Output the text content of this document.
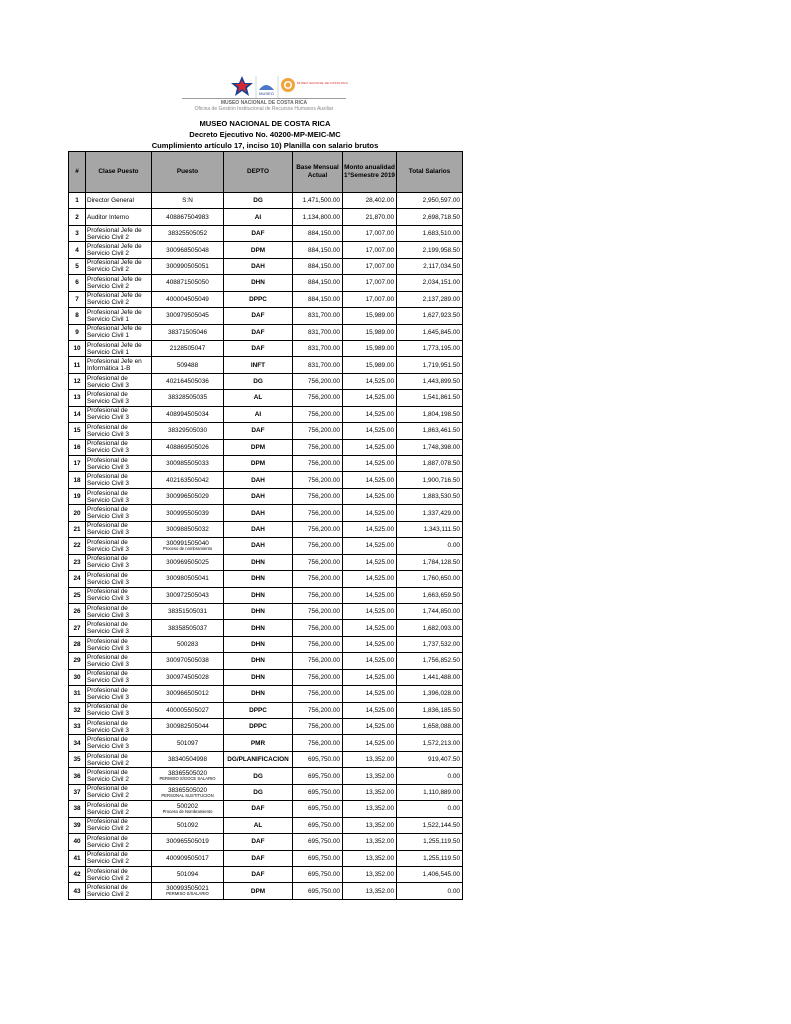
MUSEO
MUSEO NACIONAL DE COSTA RICA
MUSEO NACIONAL DE COSTA RICA
Oficina de Gestión Institucional de Recursos Humanos Auxiliar
MUSEO NACIONAL DE COSTA RICA
Decreto Ejecutivo No. 40200-MP-MEIC-MC
Cumplimiento artículo 17, inciso 10) Planilla con salario brutos
#	Clase Puesto	Puesto	DEPTO	Base Mensual Actual	Monto anualidad 1°Semestre 2019	Total Salarios
1	Director General	S:N	DG	1,471,500.00	28,402.00	2,950,597.00
2	Auditor Interno	408867504983	AI	1,134,800.00	21,870.00	2,698,718.50
3	Profesional Jefe de Servicio Civil 2	38325505052	DAF	884,150.00	17,007.00	1,683,510.00
4	Profesional Jefe de Servicio Civil 2	300968505048	DPM	884,150.00	17,007.00	2,199,958.50
5	Profesional Jefe de Servicio Civil 2	300990505051	DAH	884,150.00	17,007.00	2,117,034.50
6	Profesional Jefe de Servicio Civil 2	408871505050	DHN	884,150.00	17,007.00	2,034,151.00
7	Profesional Jefe de Servicio Civil 2	400004505049	DPPC	884,150.00	17,007.00	2,137,289.00
8	Profesional Jefe de Servicio Civil 1	300979505045	DAF	831,700.00	15,989.00	1,627,923.50
9	Profesional Jefe de Servicio Civil 1	38371505046	DAF	831,700.00	15,989.00	1,645,845.00
10	Profesional Jefe de Servicio Civil 1	2128505047	DAF	831,700.00	15,989.00	1,773,195.00
11	Profesional Jefe en Informática 1-B	509488	INFT	831,700.00	15,989.00	1,719,951.50
12	Profesional de Servicio Civil 3	402164505036	DG	756,200.00	14,525.00	1,443,899.50
13	Profesional de Servicio Civil 3	38328505035	AL	756,200.00	14,525.00	1,541,861.50
14	Profesional de Servicio Civil 3	408994505034	AI	756,200.00	14,525.00	1,804,198.50
15	Profesional de Servicio Civil 3	38329505030	DAF	756,200.00	14,525.00	1,863,461.50
16	Profesional de Servicio Civil 3	408869505026	DPM	756,200.00	14,525.00	1,748,398.00
17	Profesional de Servicio Civil 3	300985505033	DPM	756,200.00	14,525.00	1,887,078.50
18	Profesional de Servicio Civil 3	402163505042	DAH	756,200.00	14,525.00	1,900,716.50
19	Profesional de Servicio Civil 3	300996505029	DAH	756,200.00	14,525.00	1,883,530.50
20	Profesional de Servicio Civil 3	300995505039	DAH	756,200.00	14,525.00	1,337,429.00
21	Profesional de Servicio Civil 3	300988505032	DAH	756,200.00	14,525.00	1,343,111.50
22	Profesional de Servicio Civil 3	300991505040
Proceso de nombramiento	DAH	756,200.00	14,525.00	0.00
23	Profesional de Servicio Civil 3	300969505025	DHN	756,200.00	14,525.00	1,784,128.50
24	Profesional de Servicio Civil 3	300980505041	DHN	756,200.00	14,525.00	1,760,650.00
25	Profesional de Servicio Civil 3	300972505043	DHN	756,200.00	14,525.00	1,663,659.50
26	Profesional de Servicio Civil 3	38351505031	DHN	756,200.00	14,525.00	1,744,850.00
27	Profesional de Servicio Civil 3	38358505037	DHN	756,200.00	14,525.00	1,682,093.00
28	Profesional de Servicio Civil 3	500283	DHN	756,200.00	14,525.00	1,737,532.00
29	Profesional de Servicio Civil 3	300970505038	DHN	756,200.00	14,525.00	1,756,852.50
30	Profesional de Servicio Civil 3	300974505028	DHN	756,200.00	14,525.00	1,441,488.00
31	Profesional de Servicio Civil 3	300966505012	DHN	756,200.00	14,525.00	1,396,028.00
32	Profesional de Servicio Civil 3	400005505027	DPPC	756,200.00	14,525.00	1,836,185.50
33	Profesional de Servicio Civil 3	300982505044	DPPC	756,200.00	14,525.00	1,658,088.00
34	Profesional de Servicio Civil 3	501097	PMR	756,200.00	14,525.00	1,572,213.00
35	Profesional de Servicio Civil 2	38340504998	DG/PLANIFICACION	695,750.00	13,352.00	919,407.50
36	Profesional de Servicio Civil 2	38365505020
PERMISO S/GOCE SALARIO	DG	695,750.00	13,352.00	0.00
37	Profesional de Servicio Civil 2	38365505020
PERSONAL SUSTITUCION	DG	695,750.00	13,352.00	1,110,889.00
38	Profesional de Servicio Civil 2	500202
Proceso de Nombramiento	DAF	695,750.00	13,352.00	0.00
39	Profesional de Servicio Civil 2	501092	AL	695,750.00	13,352.00	1,522,144.50
40	Profesional de Servicio Civil 2	300965505019	DAF	695,750.00	13,352.00	1,255,119.50
41	Profesional de Servicio Civil 2	400909505017	DAF	695,750.00	13,352.00	1,255,119.50
42	Profesional de Servicio Civil 2	501094	DAF	695,750.00	13,352.00	1,406,545.00
43	Profesional de Servicio Civil 2	300993505021
PERMISO S/SALARIO	DPM	695,750.00	13,352.00	0.00
